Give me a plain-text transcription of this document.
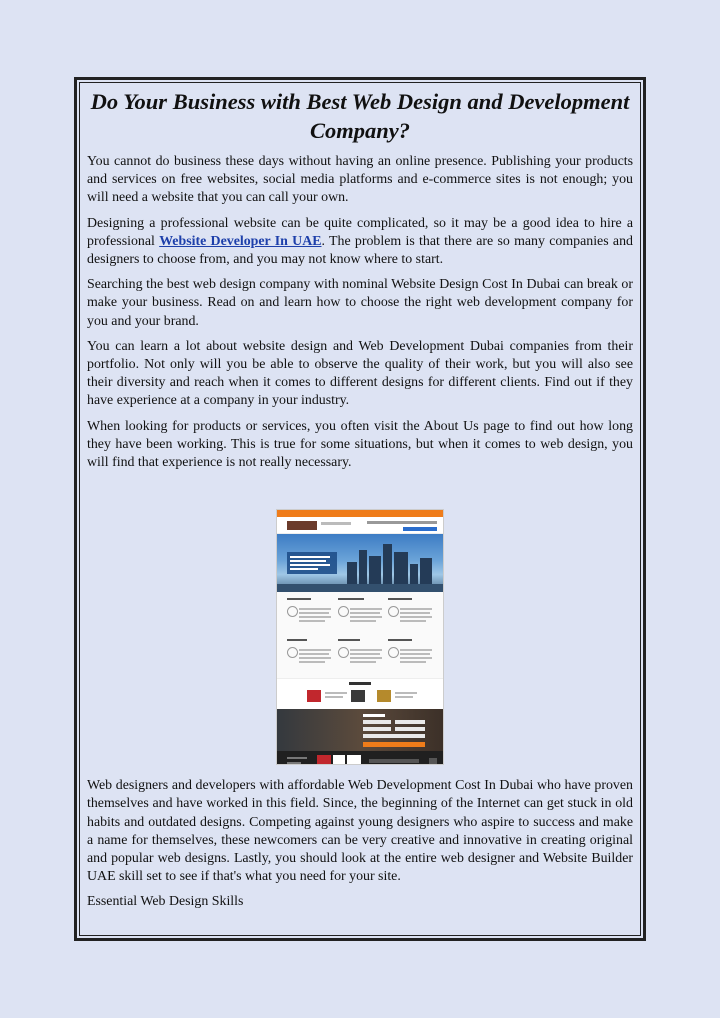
Do Your Business with Best Web Design and Development Company?

You cannot do business these days without having an online presence. Publishing your products and services on free websites, social media platforms and e-commerce sites is not enough; you will need a website that you can call your own.

Designing a professional website can be quite complicated, so it may be a good idea to hire a professional Website Developer In UAE. The problem is that there are so many companies and designers to choose from, and you may not know where to start.

Searching the best web design company with nominal Website Design Cost In Dubai can break or make your business. Read on and learn how to choose the right web development company for you and your brand.

You can learn a lot about website design and Web Development Dubai companies from their portfolio. Not only will you be able to observe the quality of their work, but you will also see their diversity and reach when it comes to different designs for different clients. Find out if they have experience at a company in your industry.

When looking for products or services, you often visit the About Us page to find out how long they have been working. This is true for some situations, but when it comes to web design, you will find that experience is not really necessary.

Web designers and developers with affordable Web Development Cost In Dubai who have proven themselves and have worked in this field. Since, the beginning of the Internet can get stuck in old habits and outdated designs. Competing against young designers who aspire to success and make a name for themselves, these newcomers can be very creative and innovative in creating original and popular web designs. Lastly, you should look at the entire web designer and Website Builder UAE skill set to see if that's what you need for your site.

Essential Web Design Skills
